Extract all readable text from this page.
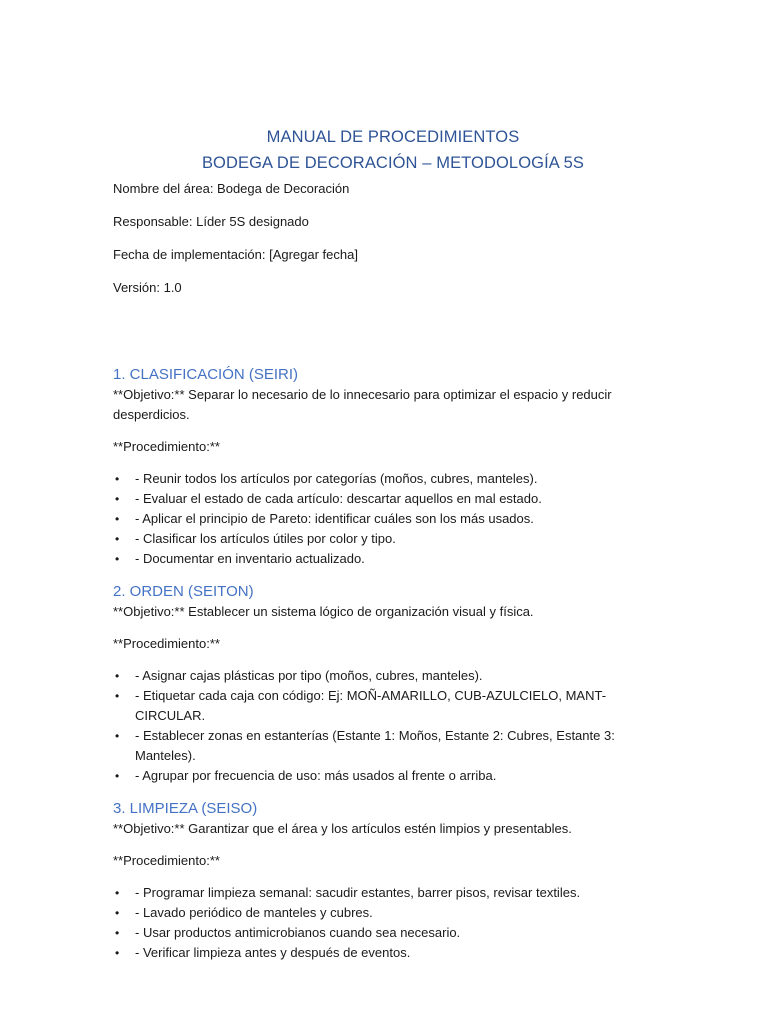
MANUAL DE PROCEDIMIENTOS

BODEGA DE DECORACIÓN – METODOLOGÍA 5S

Nombre del área: Bodega de Decoración

Responsable: Líder 5S designado

Fecha de implementación: [Agregar fecha]

Versión: 1.0

1. CLASIFICACIÓN (SEIRI)

**Objetivo:** Separar lo necesario de lo innecesario para optimizar el espacio y reducir desperdicios.

**Procedimiento:**

• - Reunir todos los artículos por categorías (moños, cubres, manteles).
• - Evaluar el estado de cada artículo: descartar aquellos en mal estado.
• - Aplicar el principio de Pareto: identificar cuáles son los más usados.
• - Clasificar los artículos útiles por color y tipo.
• - Documentar en inventario actualizado.
2. ORDEN (SEITON)

**Objetivo:** Establecer un sistema lógico de organización visual y física.

**Procedimiento:**

• - Asignar cajas plásticas por tipo (moños, cubres, manteles).
• - Etiquetar cada caja con código: Ej: MOÑ-AMARILLO, CUB-AZULCIELO, MANT-CIRCULAR.
• - Establecer zonas en estanterías (Estante 1: Moños, Estante 2: Cubres, Estante 3: Manteles).
• - Agrupar por frecuencia de uso: más usados al frente o arriba.
3. LIMPIEZA (SEISO)

**Objetivo:** Garantizar que el área y los artículos estén limpios y presentables.

**Procedimiento:**

• - Programar limpieza semanal: sacudir estantes, barrer pisos, revisar textiles.
• - Lavado periódico de manteles y cubres.
• - Usar productos antimicrobianos cuando sea necesario.
• - Verificar limpieza antes y después de eventos.
